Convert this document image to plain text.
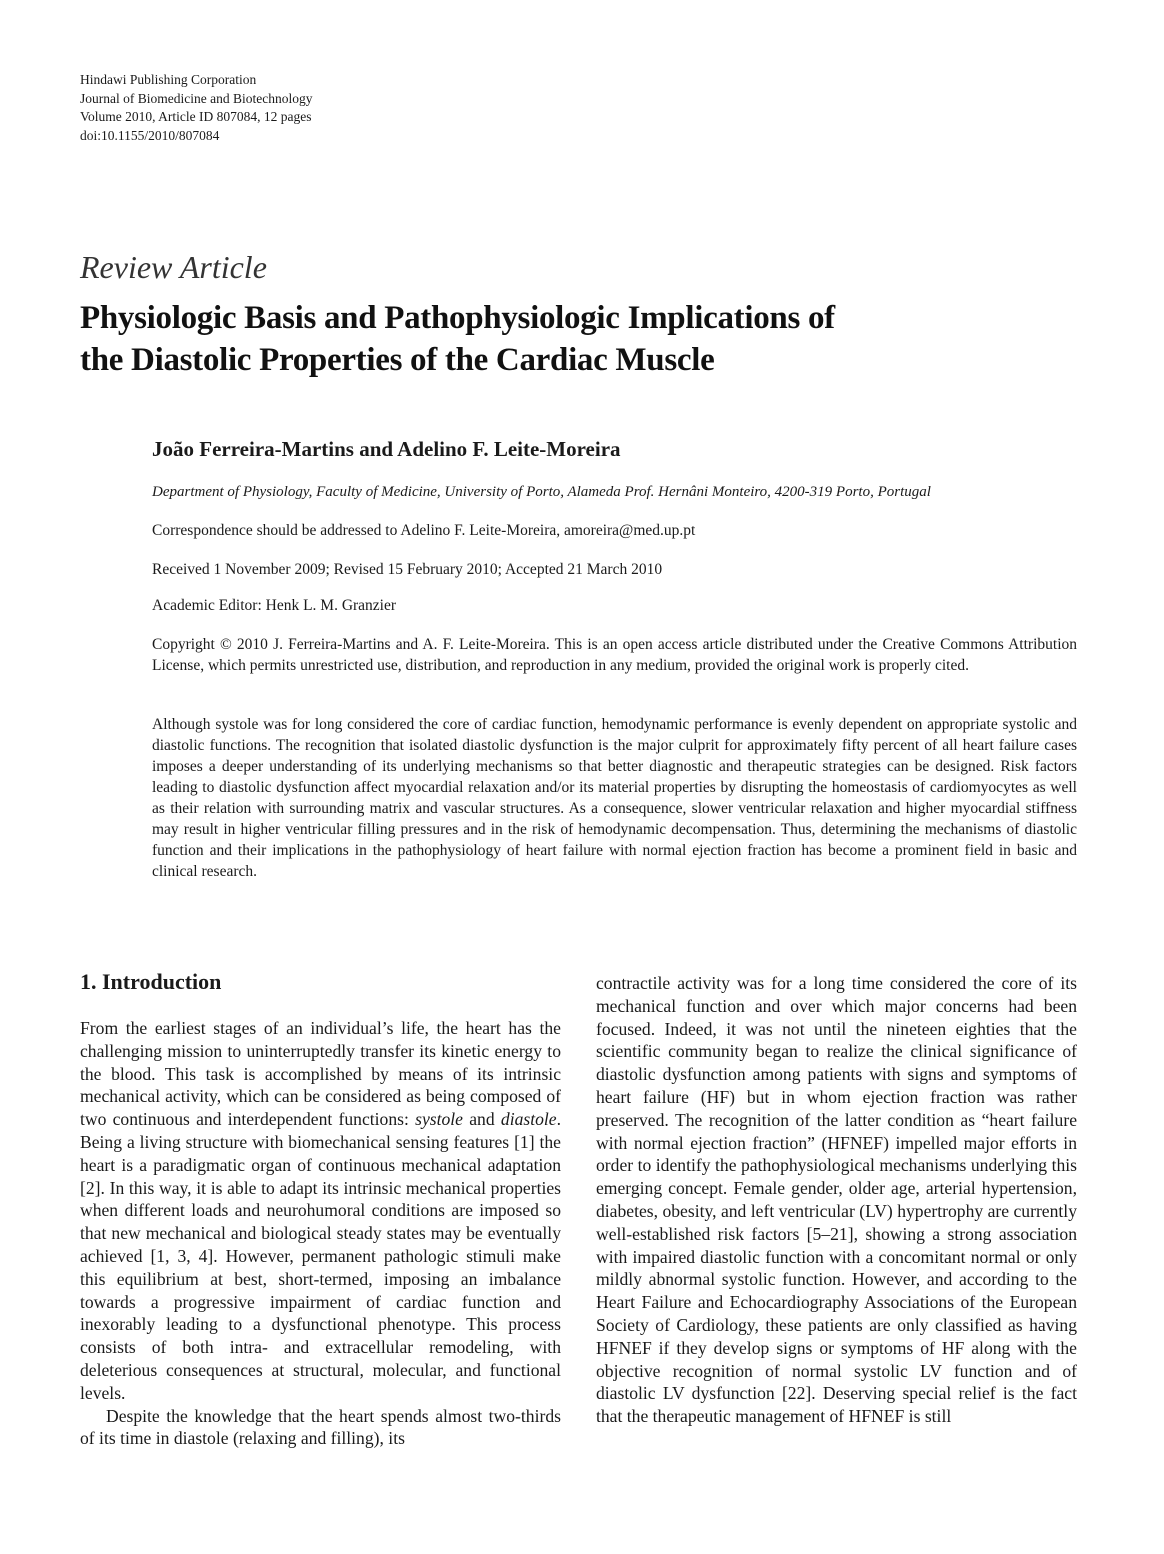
Hindawi Publishing Corporation
Journal of Biomedicine and Biotechnology
Volume 2010, Article ID 807084, 12 pages
doi:10.1155/2010/807084
Review Article
Physiologic Basis and Pathophysiologic Implications of
the Diastolic Properties of the Cardiac Muscle
João Ferreira-Martins and Adelino F. Leite-Moreira
Department of Physiology, Faculty of Medicine, University of Porto, Alameda Prof. Hernâni Monteiro, 4200-319 Porto, Portugal
Correspondence should be addressed to Adelino F. Leite-Moreira, amoreira@med.up.pt
Received 1 November 2009; Revised 15 February 2010; Accepted 21 March 2010
Academic Editor: Henk L. M. Granzier
Copyright © 2010 J. Ferreira-Martins and A. F. Leite-Moreira. This is an open access article distributed under the Creative Commons Attribution License, which permits unrestricted use, distribution, and reproduction in any medium, provided the original work is properly cited.
Although systole was for long considered the core of cardiac function, hemodynamic performance is evenly dependent on appropriate systolic and diastolic functions. The recognition that isolated diastolic dysfunction is the major culprit for approximately fifty percent of all heart failure cases imposes a deeper understanding of its underlying mechanisms so that better diagnostic and therapeutic strategies can be designed. Risk factors leading to diastolic dysfunction affect myocardial relaxation and/or its material properties by disrupting the homeostasis of cardiomyocytes as well as their relation with surrounding matrix and vascular structures. As a consequence, slower ventricular relaxation and higher myocardial stiffness may result in higher ventricular filling pressures and in the risk of hemodynamic decompensation. Thus, determining the mechanisms of diastolic function and their implications in the pathophysiology of heart failure with normal ejection fraction has become a prominent field in basic and clinical research.
1. Introduction

From the earliest stages of an individual’s life, the heart has the challenging mission to uninterruptedly transfer its kinetic energy to the blood. This task is accomplished by means of its intrinsic mechanical activity, which can be considered as being composed of two continuous and interdependent functions: systole and diastole. Being a living structure with biomechanical sensing features [1] the heart is a paradigmatic organ of continuous mechanical adaptation [2]. In this way, it is able to adapt its intrinsic mechanical properties when different loads and neurohumoral conditions are imposed so that new mechanical and biological steady states may be eventually achieved [1, 3, 4]. However, permanent pathologic stimuli make this equilibrium at best, short-termed, imposing an imbalance towards a progressive impairment of cardiac function and inexorably leading to a dysfunctional phenotype. This process consists of both intra- and extracellular remodeling, with deleterious consequences at structural, molecular, and functional levels.

Despite the knowledge that the heart spends almost two-thirds of its time in diastole (relaxing and filling), its

contractile activity was for a long time considered the core of its mechanical function and over which major concerns had been focused. Indeed, it was not until the nineteen eighties that the scientific community began to realize the clinical significance of diastolic dysfunction among patients with signs and symptoms of heart failure (HF) but in whom ejection fraction was rather preserved. The recognition of the latter condition as “heart failure with normal ejection fraction” (HFNEF) impelled major efforts in order to identify the pathophysiological mechanisms underlying this emerging concept. Female gender, older age, arterial hypertension, diabetes, obesity, and left ventricular (LV) hypertrophy are currently well-established risk factors [5–21], showing a strong association with impaired diastolic function with a concomitant normal or only mildly abnormal systolic function. However, and according to the Heart Failure and Echocardiography Associations of the European Society of Cardiology, these patients are only classified as having HFNEF if they develop signs or symptoms of HF along with the objective recognition of normal systolic LV function and of diastolic LV dysfunction [22]. Deserving special relief is the fact that the therapeutic management of HFNEF is still
